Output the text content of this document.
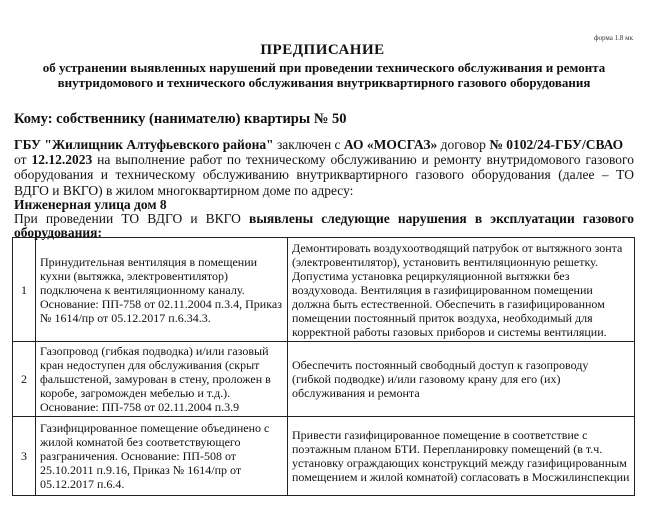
форма 1.8 мк
ПРЕДПИСАНИЕ
об устранении выявленных нарушений при проведении технического обслуживания и ремонта внутридомового и технического обслуживания внутриквартирного газового оборудования
Кому: собственнику (нанимателю) квартиры № 50
ГБУ "Жилищник Алтуфьевского района" заключен с АО «МОСГАЗ» договор № 0102/24-ГБУ/СВАО
от 12.12.2023 на выполнение работ по техническому обслуживанию и ремонту внутридомового газового оборудования и техническому обслуживанию внутриквартирного газового оборудования (далее – ТО ВДГО и ВКГО) в жилом многоквартирном доме по адресу:
Инженерная улица дом 8
При проведении ТО ВДГО и ВКГО выявлены следующие нарушения в эксплуатации газового оборудования:
1	Принудительная вентиляция в помещении кухни (вытяжка, электровентилятор) подключена к вентиляционному каналу. Основание: ПП-758 от 02.11.2004 п.3.4, Приказ № 1614/пр от 05.12.2017 п.6.34.3.	Демонтировать воздухоотводящий патрубок от вытяжного зонта (электровентилятор), установить вентиляционную решетку. Допустима установка рециркуляционной вытяжки без воздуховода. Вентиляция в газифицированном помещении должна быть естественной. Обеспечить в газифицированном помещении постоянный приток воздуха, необходимый для корректной работы газовых приборов и системы вентиляции.
2	Газопровод (гибкая подводка) и/или газовый кран недоступен для обслуживания (скрыт фальшстеной, замурован в стену, проложен в коробе, загроможден мебелью и т.д.). Основание: ПП-758 от 02.11.2004 п.3.9	Обеспечить постоянный свободный доступ к газопроводу (гибкой подводке) и/или газовому крану для его (их) обслуживания и ремонта
3	Газифицированное помещение объединено с жилой комнатой без соответствующего разграничения. Основание: ПП-508 от 25.10.2011 п.9.16, Приказ № 1614/пр от 05.12.2017 п.6.4.	Привести газифицированное помещение в соответствие с поэтажным планом БТИ. Перепланировку помещений (в т.ч. установку ограждающих конструкций между газифицированным помещением и жилой комнатой) согласовать в Мосжилинспекции
